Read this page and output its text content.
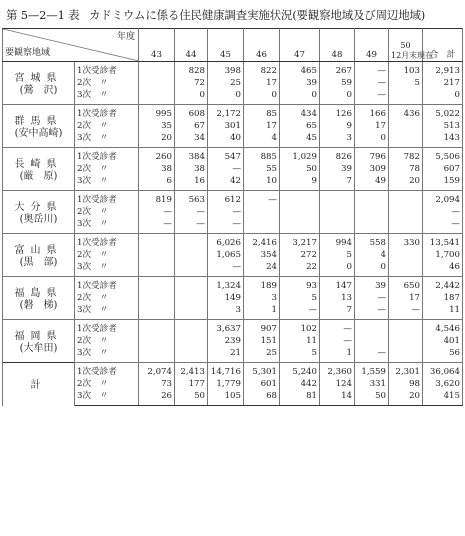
第 5—2—1 表 カドミウムに係る住民健康調査実施状況(要観察地域及び周辺地域)
年度
要観察地域		43	44	45	46	47	48	49	50
12月末現在	合　計

宮城県
(鶯　沢)	1次受診者		828	398	822	465	267	—	103	2,913
	2次　〃		72	25	17	39	59	—	5	217
	3次　〃		0	0	0	0	0	—		0

群馬県
(安中高崎)	1次受診者	995	608	2,172	85	434	126	166	436	5,022
	2次　〃	35	67	301	17	65	9	17		513
	3次　〃	20	34	40	4	45	3	0		143

長崎県
(厳　原)	1次受診者	260	384	547	885	1,029	826	796	782	5,506
	2次　〃	38	38	—	55	50	39	309	78	607
	3次　〃	6	16	42	10	9	7	49	20	159

大分県
(奥岳川)	1次受診者	819	563	612	—					2,094
	2次　〃	—	—	—						—
	3次　〃	—	—	—						—

富山県
(黒　部)	1次受診者			6,026	2,416	3,217	994	558	330	13,541
	2次　〃			1,065	354	272	5	4		1,700
	3次　〃			—	24	22	0	0		46

福島県
(磐　梯)	1次受診者			1,324	189	93	147	39	650	2,442
	2次　〃			149	3	5	13	—	17	187
	3次　〃			3	1	—	7	—	—	11

福岡県
(大牟田)	1次受診者			3,637	907	102	—			4,546
	2次　〃			239	151	11	—			401
	3次　〃			21	25	5	1	—		56
計	1次受診者	2,074	2,413	14,716	5,301	5,240	2,360	1,559	2,301	36,064
	2次　〃	73	177	1,779	601	442	124	331	98	3,620
	3次　〃	26	50	105	68	81	14	50	20	415
